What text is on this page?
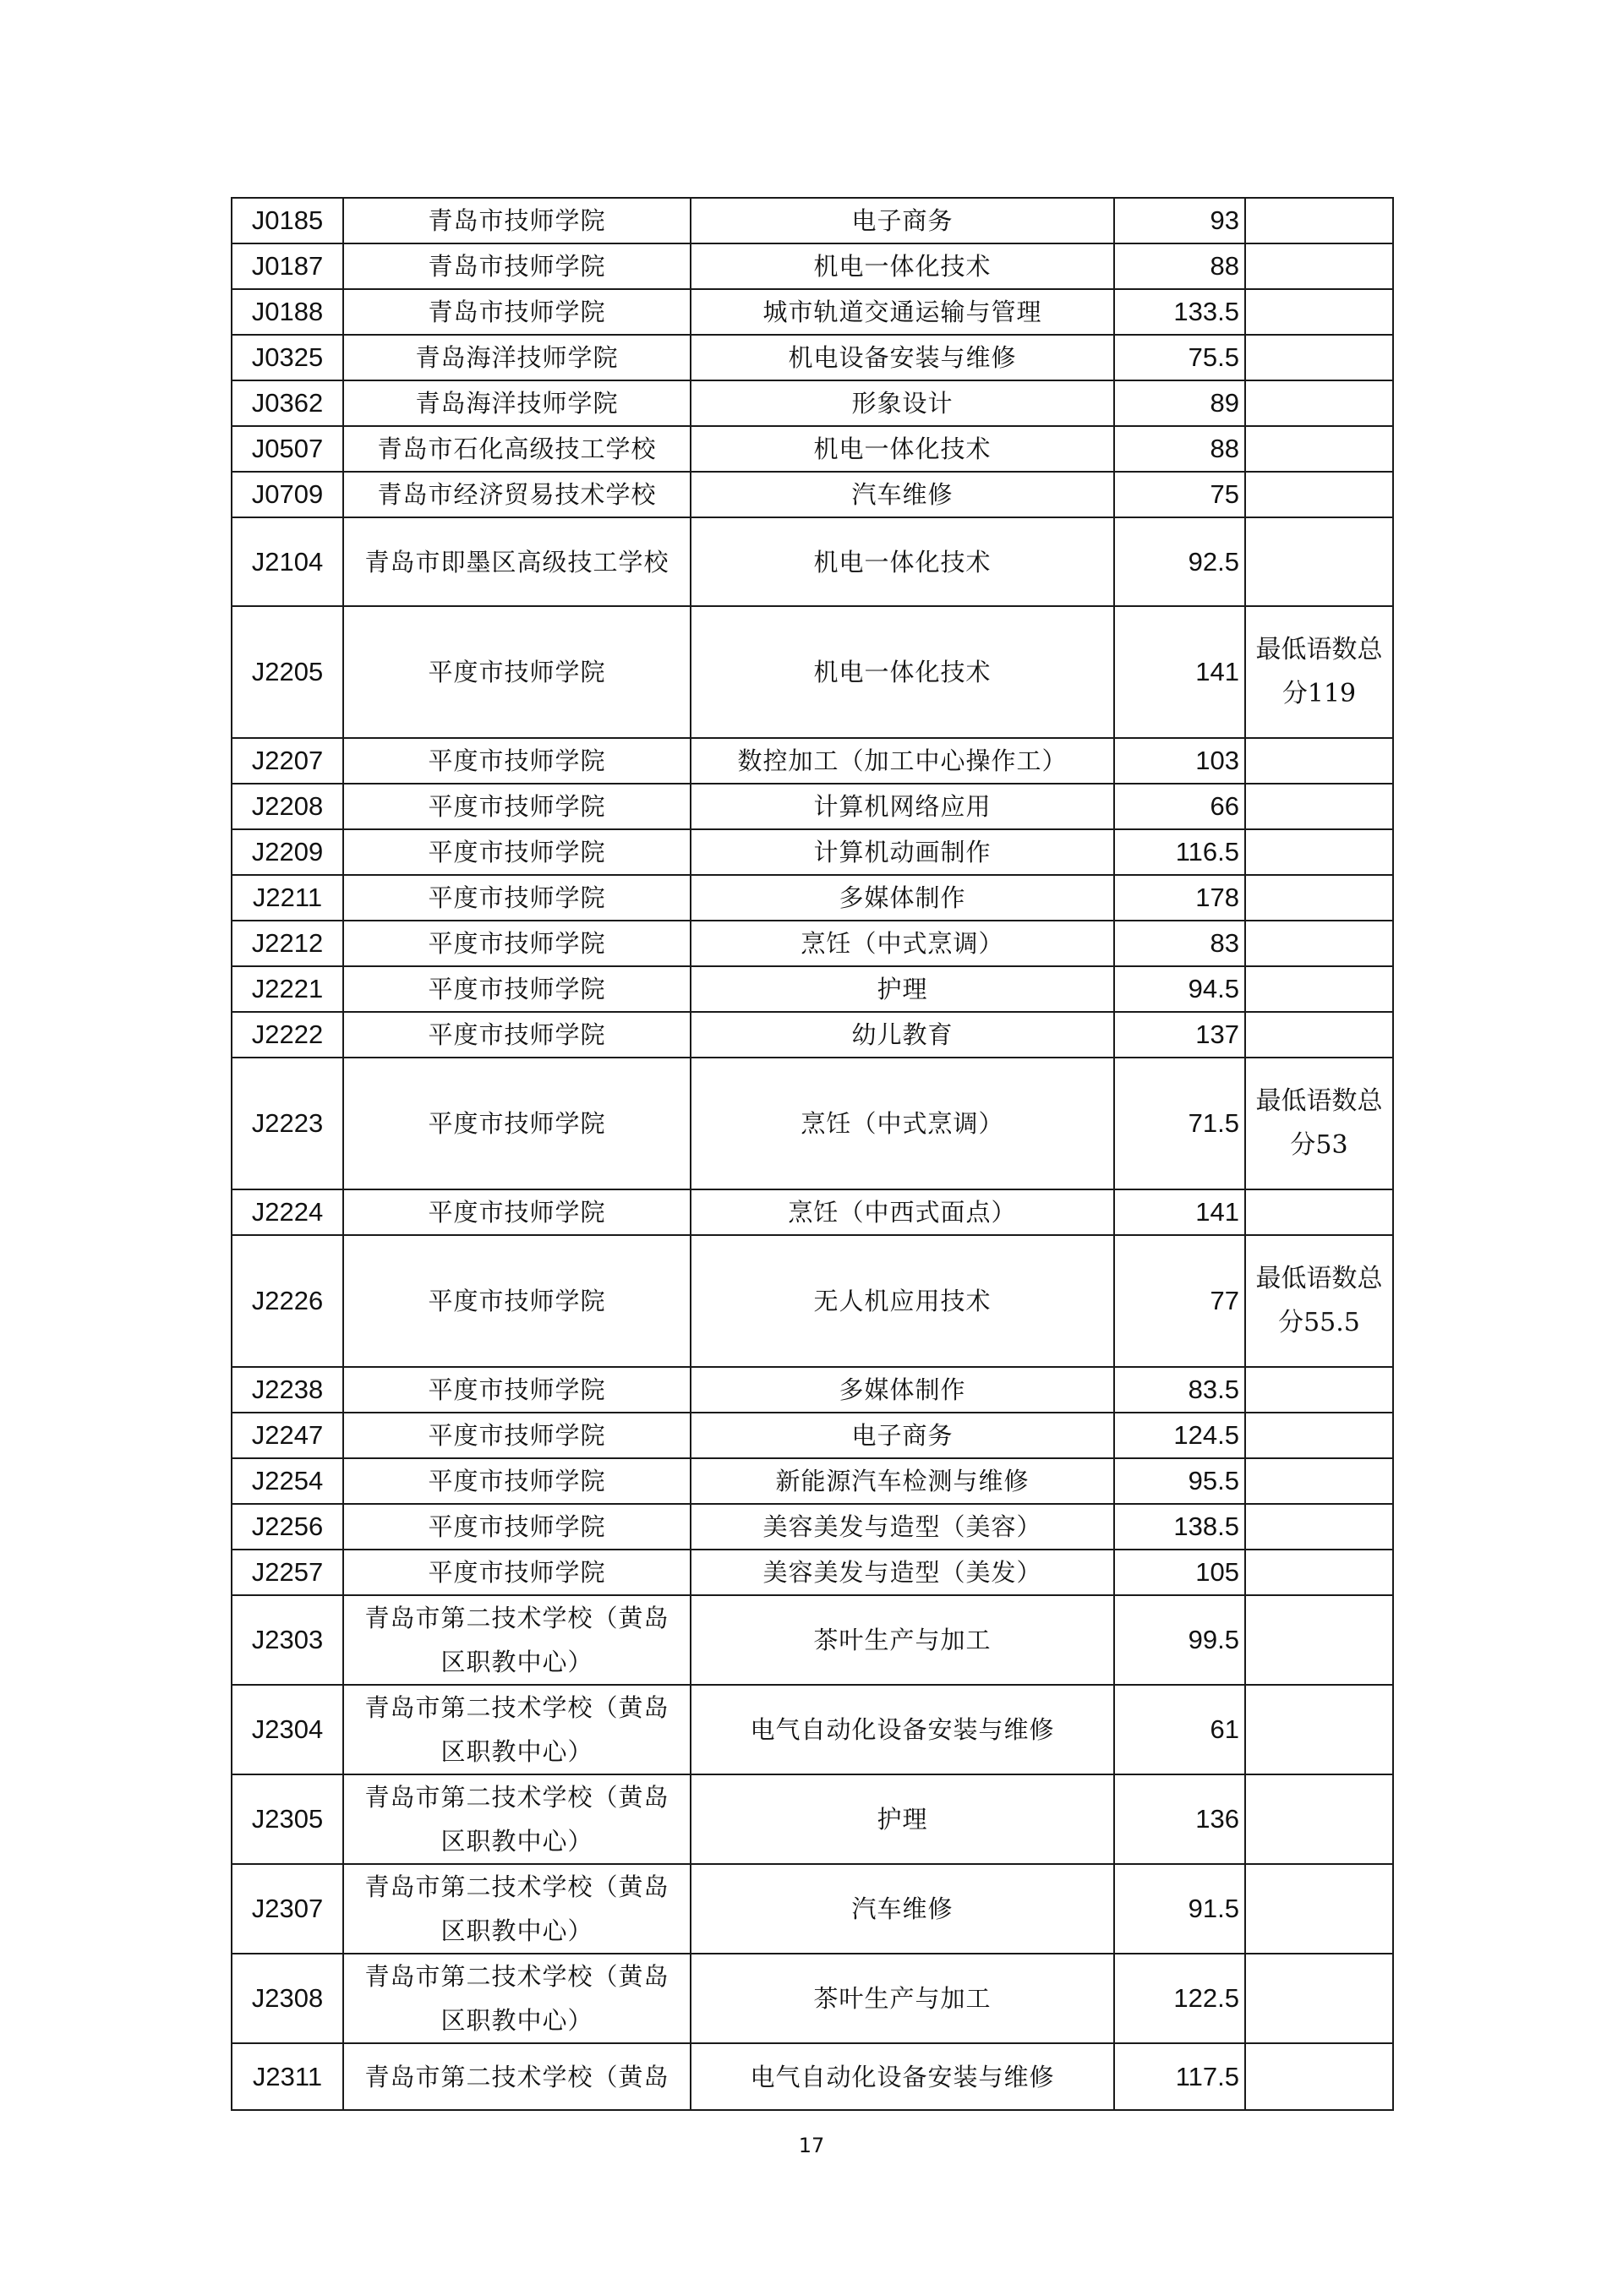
J0185	青岛市技师学院	电子商务	93	
J0187	青岛市技师学院	机电一体化技术	88	
J0188	青岛市技师学院	城市轨道交通运输与管理	133.5	
J0325	青岛海洋技师学院	机电设备安装与维修	75.5	
J0362	青岛海洋技师学院	形象设计	89	
J0507	青岛市石化高级技工学校	机电一体化技术	88	
J0709	青岛市经济贸易技术学校	汽车维修	75	
J2104	青岛市即墨区高级技工学校	机电一体化技术	92.5	
J2205	平度市技师学院	机电一体化技术	141	最低语数总分119
J2207	平度市技师学院	数控加工（加工中心操作工）	103	
J2208	平度市技师学院	计算机网络应用	66	
J2209	平度市技师学院	计算机动画制作	116.5	
J2211	平度市技师学院	多媒体制作	178	
J2212	平度市技师学院	烹饪（中式烹调）	83	
J2221	平度市技师学院	护理	94.5	
J2222	平度市技师学院	幼儿教育	137	
J2223	平度市技师学院	烹饪（中式烹调）	71.5	最低语数总分53
J2224	平度市技师学院	烹饪（中西式面点）	141	
J2226	平度市技师学院	无人机应用技术	77	最低语数总分55.5
J2238	平度市技师学院	多媒体制作	83.5	
J2247	平度市技师学院	电子商务	124.5	
J2254	平度市技师学院	新能源汽车检测与维修	95.5	
J2256	平度市技师学院	美容美发与造型（美容）	138.5	
J2257	平度市技师学院	美容美发与造型（美发）	105	
J2303	青岛市第二技术学校（黄岛区职教中心）	茶叶生产与加工	99.5	
J2304	青岛市第二技术学校（黄岛区职教中心）	电气自动化设备安装与维修	61	
J2305	青岛市第二技术学校（黄岛区职教中心）	护理	136	
J2307	青岛市第二技术学校（黄岛区职教中心）	汽车维修	91.5	
J2308	青岛市第二技术学校（黄岛区职教中心）	茶叶生产与加工	122.5	
J2311	青岛市第二技术学校（黄岛	电气自动化设备安装与维修	117.5	
17
